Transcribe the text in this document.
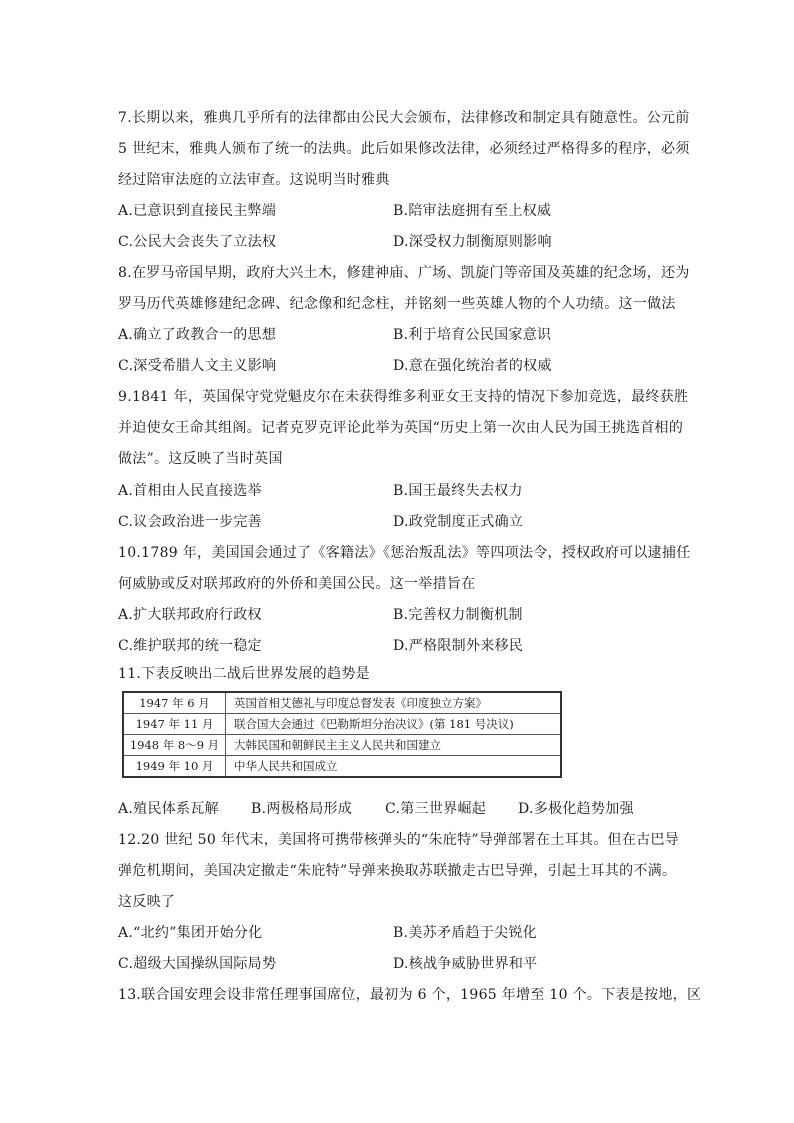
7.长期以来，雅典几乎所有的法律都由公民大会颁布，法律修改和制定具有随意性。公元前
5 世纪末，雅典人颁布了统一的法典。此后如果修改法律，必须经过严格得多的程序，必须
经过陪审法庭的立法审查。这说明当时雅典
A.已意识到直接民主弊端	B.陪审法庭拥有至上权威
C.公民大会丧失了立法权	D.深受权力制衡原则影响
8.在罗马帝国早期，政府大兴土木，修建神庙、广场、凯旋门等帝国及英雄的纪念场，还为
罗马历代英雄修建纪念碑、纪念像和纪念柱，并铭刻一些英雄人物的个人功绩。这一做法
A.确立了政教合一的思想	B.利于培育公民国家意识
C.深受希腊人文主义影响	D.意在强化统治者的权威
9.1841 年，英国保守党党魁皮尔在未获得维多利亚女王支持的情况下参加竞选，最终获胜
并迫使女王命其组阁。记者克罗克评论此举为英国“历史上第一次由人民为国王挑选首相的
做法”。这反映了当时英国
A.首相由人民直接选举	B.国王最终失去权力
C.议会政治进一步完善	D.政党制度正式确立
10.1789 年，美国国会通过了《客籍法》《惩治叛乱法》等四项法令，授权政府可以逮捕任
何威胁或反对联邦政府的外侨和美国公民。这一举措旨在
A.扩大联邦政府行政权	B.完善权力制衡机制
C.维护联邦的统一稳定	D.严格限制外来移民
11.下表反映出二战后世界发展的趋势是
1947 年 6 月	英国首相艾德礼与印度总督发表《印度独立方案》
1947 年 11 月	联合国大会通过《巴勒斯坦分治决议》(第 181 号决议)
1948 年 8～9 月	大韩民国和朝鲜民主主义人民共和国建立
1949 年 10 月	中华人民共和国成立
A.殖民体系瓦解 B.两极格局形成 C.第三世界崛起 D.多极化趋势加强
12.20 世纪 50 年代末，美国将可携带核弹头的“朱庇特”导弹部署在土耳其。但在古巴导
弹危机期间，美国决定撤走“朱庇特”导弹来换取苏联撤走古巴导弹，引起土耳其的不满。
这反映了
A.“北约”集团开始分化	B.美苏矛盾趋于尖锐化
C.超级大国操纵国际局势	D.核战争威胁世界和平
13.联合国安理会设非常任理事国席位，最初为 6 个，1965 年增至 10 个。下表是按地，区
